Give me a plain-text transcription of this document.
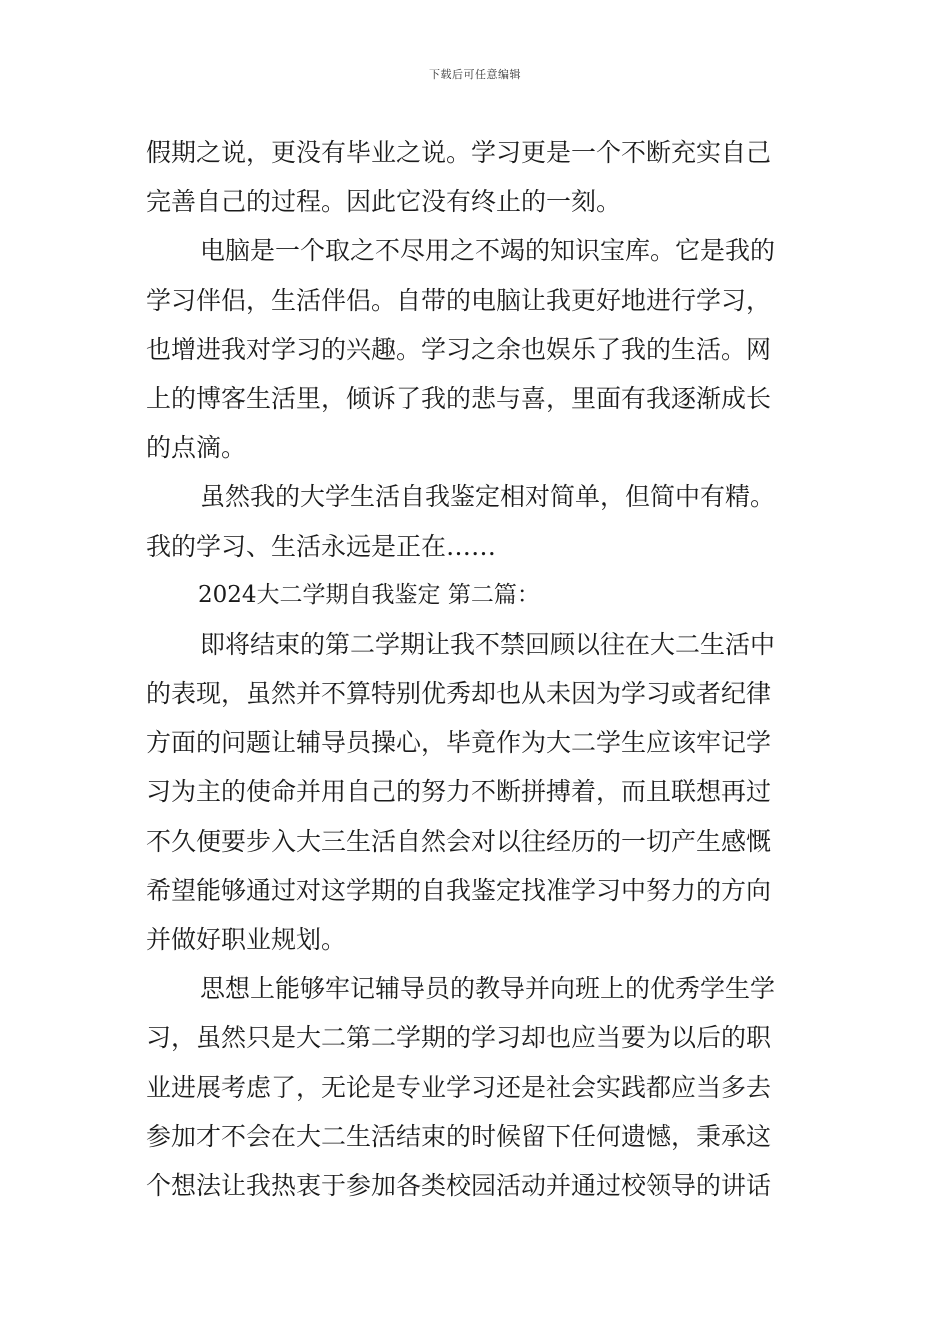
下载后可任意编辑
假期之说，更没有毕业之说。学习更是一个不断充实自己
完善自己的过程。因此它没有终止的一刻。
电脑是一个取之不尽用之不竭的知识宝库。它是我的
学习伴侣，生活伴侣。自带的电脑让我更好地进行学习，
也增进我对学习的兴趣。学习之余也娱乐了我的生活。网
上的博客生活里，倾诉了我的悲与喜，里面有我逐渐成长
的点滴。
虽然我的大学生活自我鉴定相对简单，但简中有精。
我的学习、生活永远是正在……
2024大二学期自我鉴定 第二篇：
即将结束的第二学期让我不禁回顾以往在大二生活中
的表现，虽然并不算特别优秀却也从未因为学习或者纪律
方面的问题让辅导员操心，毕竟作为大二学生应该牢记学
习为主的使命并用自己的努力不断拼搏着，而且联想再过
不久便要步入大三生活自然会对以往经历的一切产生感慨
希望能够通过对这学期的自我鉴定找准学习中努力的方向
并做好职业规划。
思想上能够牢记辅导员的教导并向班上的优秀学生学
习，虽然只是大二第二学期的学习却也应当要为以后的职
业进展考虑了，无论是专业学习还是社会实践都应当多去
参加才不会在大二生活结束的时候留下任何遗憾，秉承这
个想法让我热衷于参加各类校园活动并通过校领导的讲话
